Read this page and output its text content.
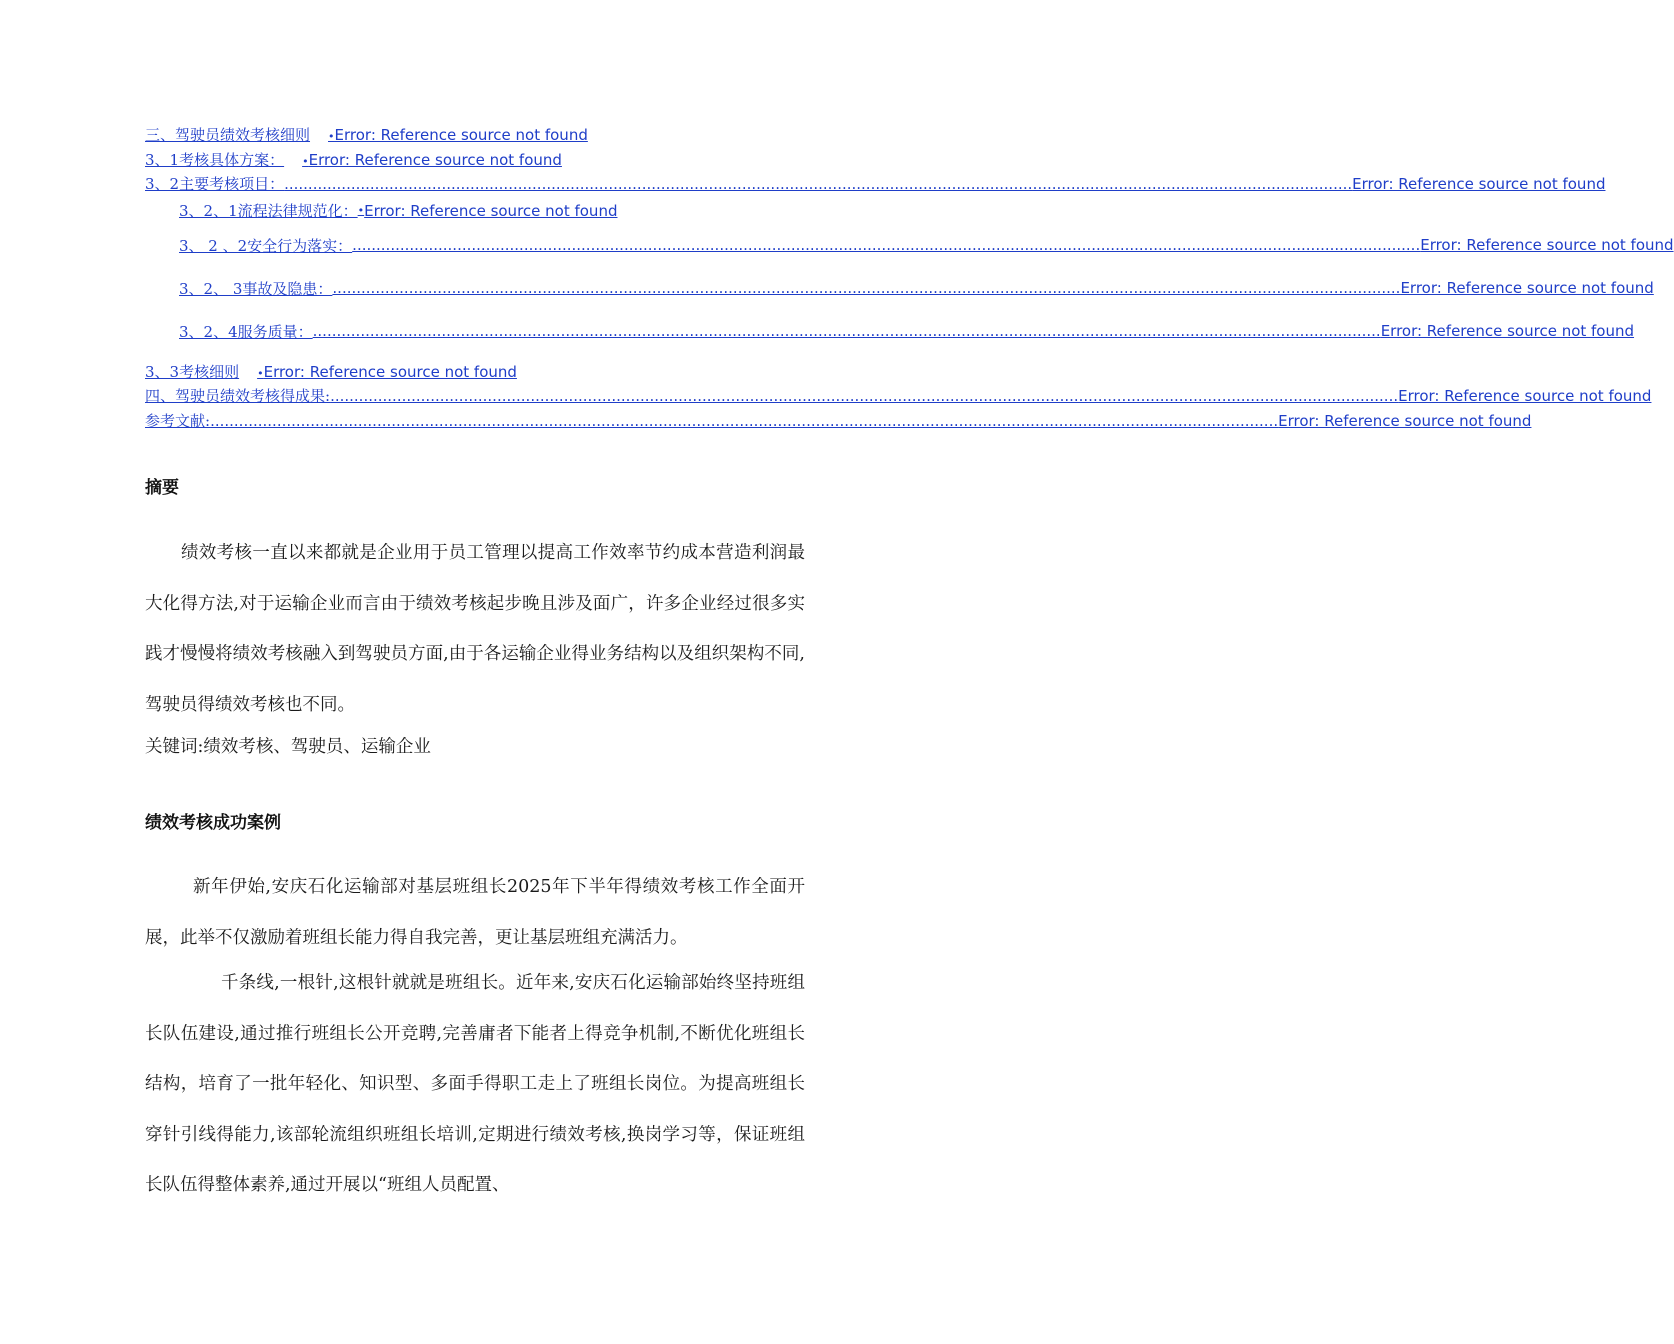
三、驾驶员绩效考核细则 • Error: Reference source not found
3、1考核具体方案： • Error: Reference source not found
3、2主要考核项目： ................................................................................................................................................................................................................................ Error: Reference source not found
3、2、1流程法律规范化： • Error: Reference source not found
3、 2 、2安全行为落实： ................................................................................................................................................................................................................................ Error: Reference source not found
3、2、 3事故及隐患： ................................................................................................................................................................................................................................ Error: Reference source not found
3、2、4服务质量： ................................................................................................................................................................................................................................ Error: Reference source not found
3、3考核细则 • Error: Reference source not found
四、驾驶员绩效考核得成果: ................................................................................................................................................................................................................................ Error: Reference source not found
参考文献: ................................................................................................................................................................................................................................ Error: Reference source not found
摘要

绩效考核一直以来都就是企业用于员工管理以提高工作效率节约成本营造利润最大化得方法,对于运输企业而言由于绩效考核起步晚且涉及面广，许多企业经过很多实践才慢慢将绩效考核融入到驾驶员方面,由于各运输企业得业务结构以及组织架构不同,驾驶员得绩效考核也不同。

关键词:绩效考核、驾驶员、运输企业
绩效考核成功案例

新年伊始,安庆石化运输部对基层班组长2025年下半年得绩效考核工作全面开展，此举不仅激励着班组长能力得自我完善，更让基层班组充满活力。

千条线,一根针,这根针就就是班组长。近年来,安庆石化运输部始终坚持班组长队伍建设,通过推行班组长公开竞聘,完善庸者下能者上得竞争机制,不断优化班组长结构，培育了一批年轻化、知识型、多面手得职工走上了班组长岗位。为提高班组长穿针引线得能力,该部轮流组织班组长培训,定期进行绩效考核,换岗学习等，保证班组长队伍得整体素养,通过开展以“班组人员配置、
